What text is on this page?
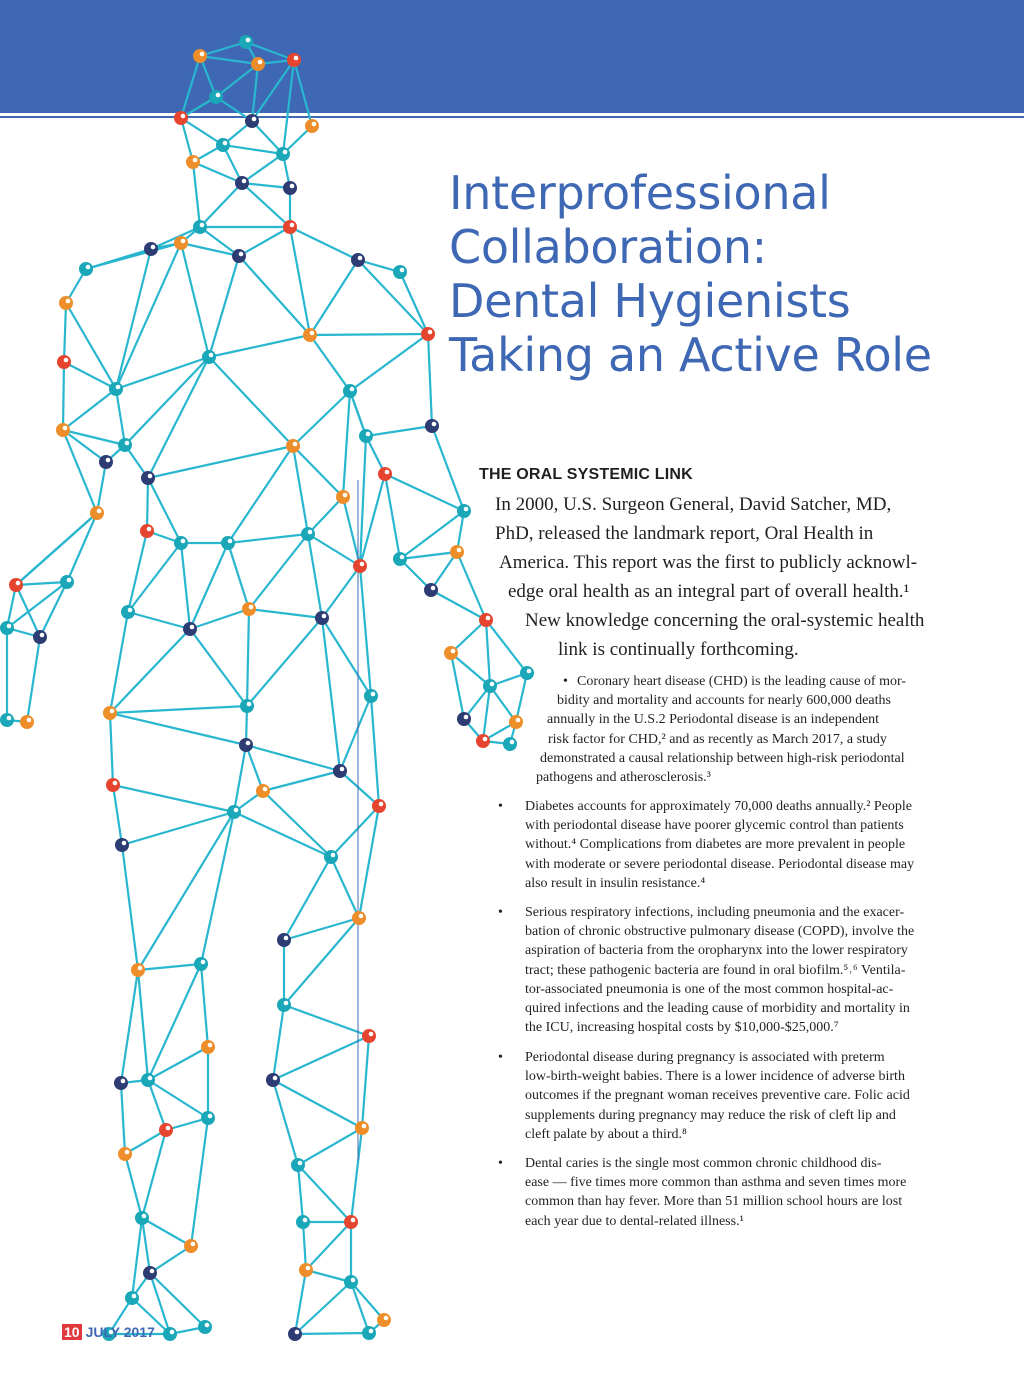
Interprofessional
Collaboration:
Dental Hygienists
Taking an Active Role
THE ORAL SYSTEMIC LINK
In 2000, U.S. Surgeon General, David Satcher, MD,
PhD, released the landmark report, Oral Health in
America. This report was the first to publicly acknowl-
edge oral health as an integral part of overall health.¹
New knowledge concerning the oral-systemic health
link is continually forthcoming.
• Coronary heart disease (CHD) is the leading cause of mor-
bidity and mortality and accounts for nearly 600,000 deaths
annually in the U.S.2 Periodontal disease is an independent
risk factor for CHD,² and as recently as March 2017, a study
demonstrated a causal relationship between high-risk periodontal
pathogens and atherosclerosis.³
• Diabetes accounts for approximately 70,000 deaths annually.² People
with periodontal disease have poorer glycemic control than patients
without.⁴ Complications from diabetes are more prevalent in people
with moderate or severe periodontal disease. Periodontal disease may
also result in insulin resistance.⁴
• Serious respiratory infections, including pneumonia and the exacer-
bation of chronic obstructive pulmonary disease (COPD), involve the
aspiration of bacteria from the oropharynx into the lower respiratory
tract; these pathogenic bacteria are found in oral biofilm.⁵˒⁶ Ventila-
tor-associated pneumonia is one of the most common hospital-ac-
quired infections and the leading cause of morbidity and mortality in
the ICU, increasing hospital costs by $10,000-$25,000.⁷
• Periodontal disease during pregnancy is associated with preterm
low-birth-weight babies. There is a lower incidence of adverse birth
outcomes if the pregnant woman receives preventive care. Folic acid
supplements during pregnancy may reduce the risk of cleft lip and
cleft palate by about a third.⁸
• Dental caries is the single most common chronic childhood dis-
ease — five times more common than asthma and seven times more
common than hay fever. More than 51 million school hours are lost
each year due to dental-related illness.¹
10 JULY 2017
